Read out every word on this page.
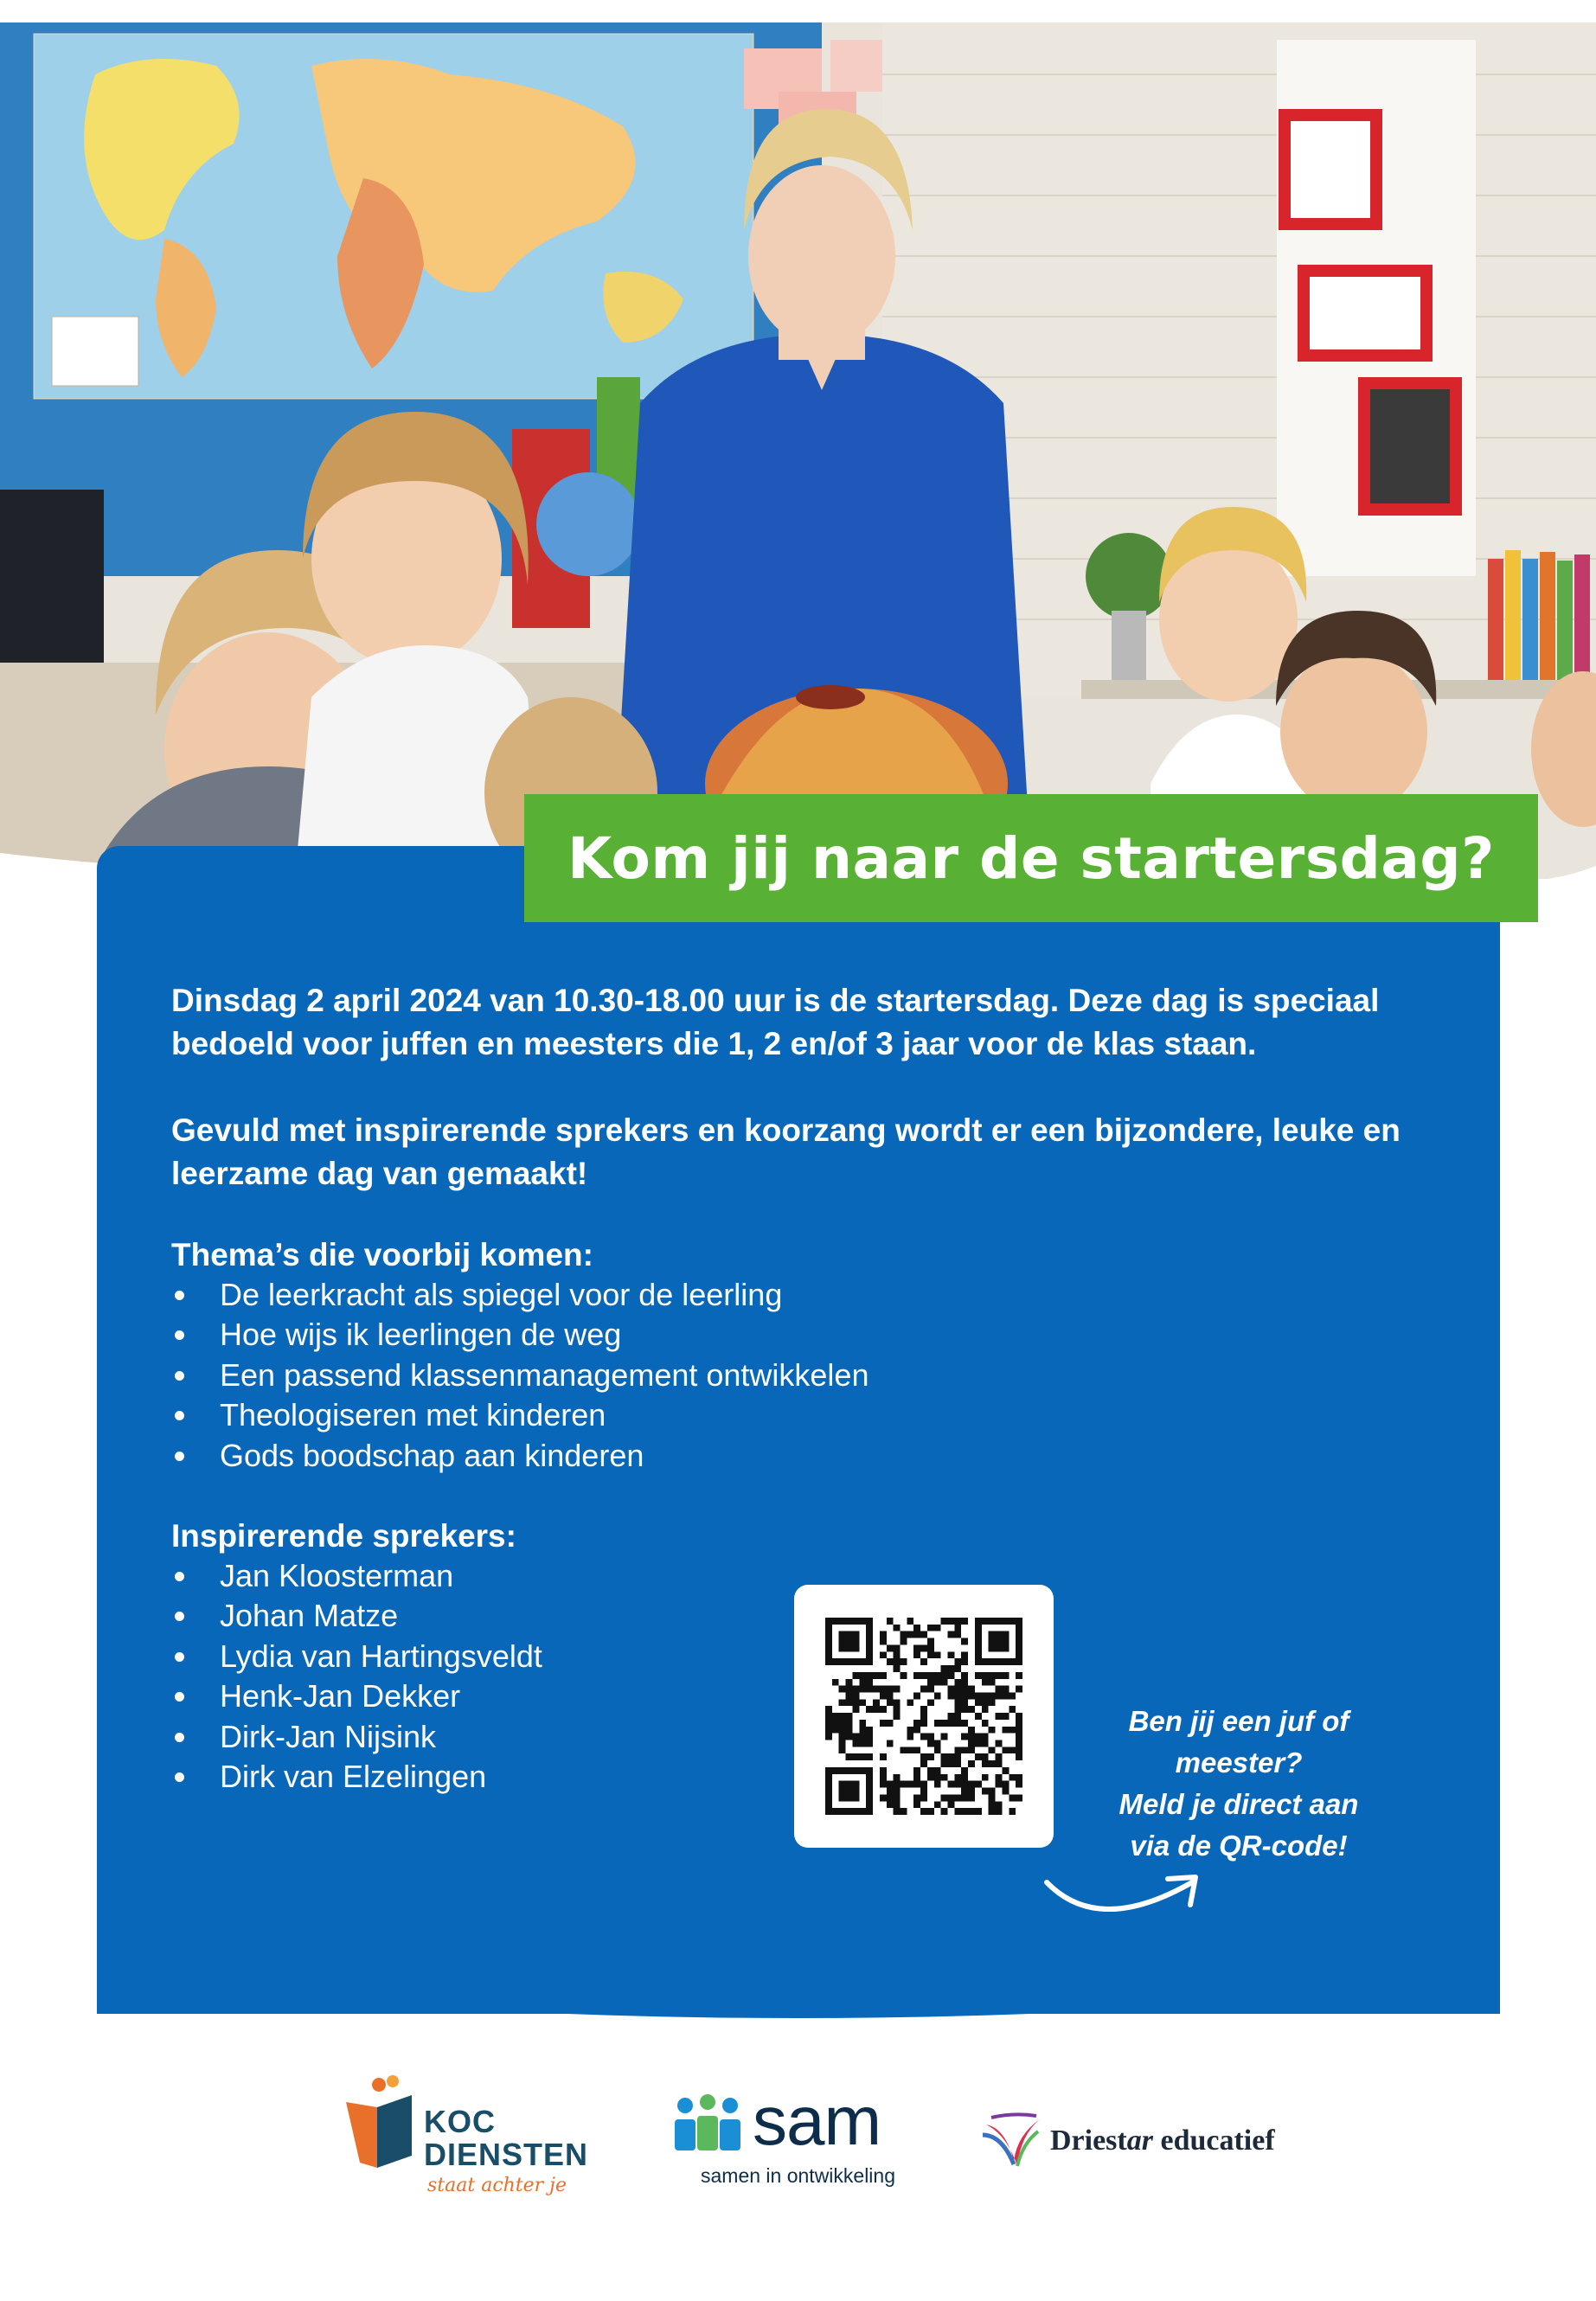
Kom jij naar de startersdag?

Dinsdag 2 april 2024 van 10.30-18.00 uur is de startersdag. Deze dag is speciaal bedoeld voor juffen en meesters die 1, 2 en/of 3 jaar voor de klas staan.

Gevuld met inspirerende sprekers en koorzang wordt er een bijzondere, leuke en leerzame dag van gemaakt!

Thema’s die voorbij komen:
De leerkracht als spiegel voor de leerling
Hoe wijs ik leerlingen de weg
Een passend klassenmanagement ontwikkelen
Theologiseren met kinderen
Gods boodschap aan kinderen
Inspirerende sprekers:
Jan Kloosterman
Johan Matze
Lydia van Hartingsveldt
Henk-Jan Dekker
Dirk-Jan Nijsink
Dirk van Elzelingen

Ben jij een juf of meester?
Meld je direct aan
via de QR-code!

KOC
DIENSTEN
staat achter je
sam
samen in ontwikkeling
Driestar educatief
